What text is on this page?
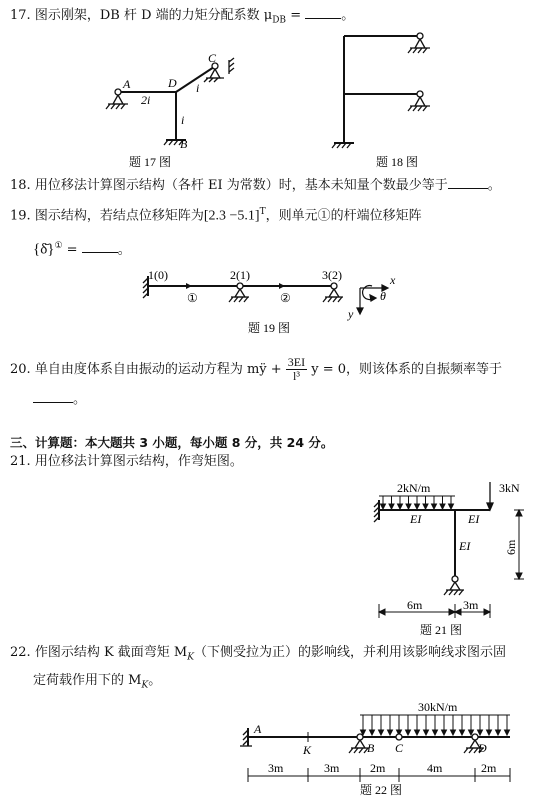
17. 图示刚架，DB 杆 D 端的力矩分配系数 $\mu_{DB}$ =	。
A	D
C
B
2i
i
i
题 17 图	题 18 图
18. 用位移法计算图示结构（各杆 EI 为常数）时，基本未知量个数最少等于	。
19. 图示结构，若结点位移矩阵为$[2.3 -5.1]^T$，则单元①的杆端位移矩阵
{δ̄}① =	。
1(0)	2(1)	3(2)
①	②
x
y
θ
题 19 图
20. 单自由度体系自由振动的运动方程为 mÿ + $\frac{3EI}{\text{l³}}$ y = 0，则该体系的自振频率等于
。
三、计算题：本大题共 3 小题，每小题 8 分，共 24 分。
21. 用位移法计算图示结构，作弯矩图。
2kN/m	3kN
EI	EI
EI	6m
6m	3m
题 21 图
22. 作图示结构 K 截面弯矩 $M_K$（下侧受拉为正）的影响线，并利用该影响线求图示固
定荷载作用下的 $M_K$。
30kN/m
A
K	B C	D
3m	3m	2m	4m	2m
题 22 图
